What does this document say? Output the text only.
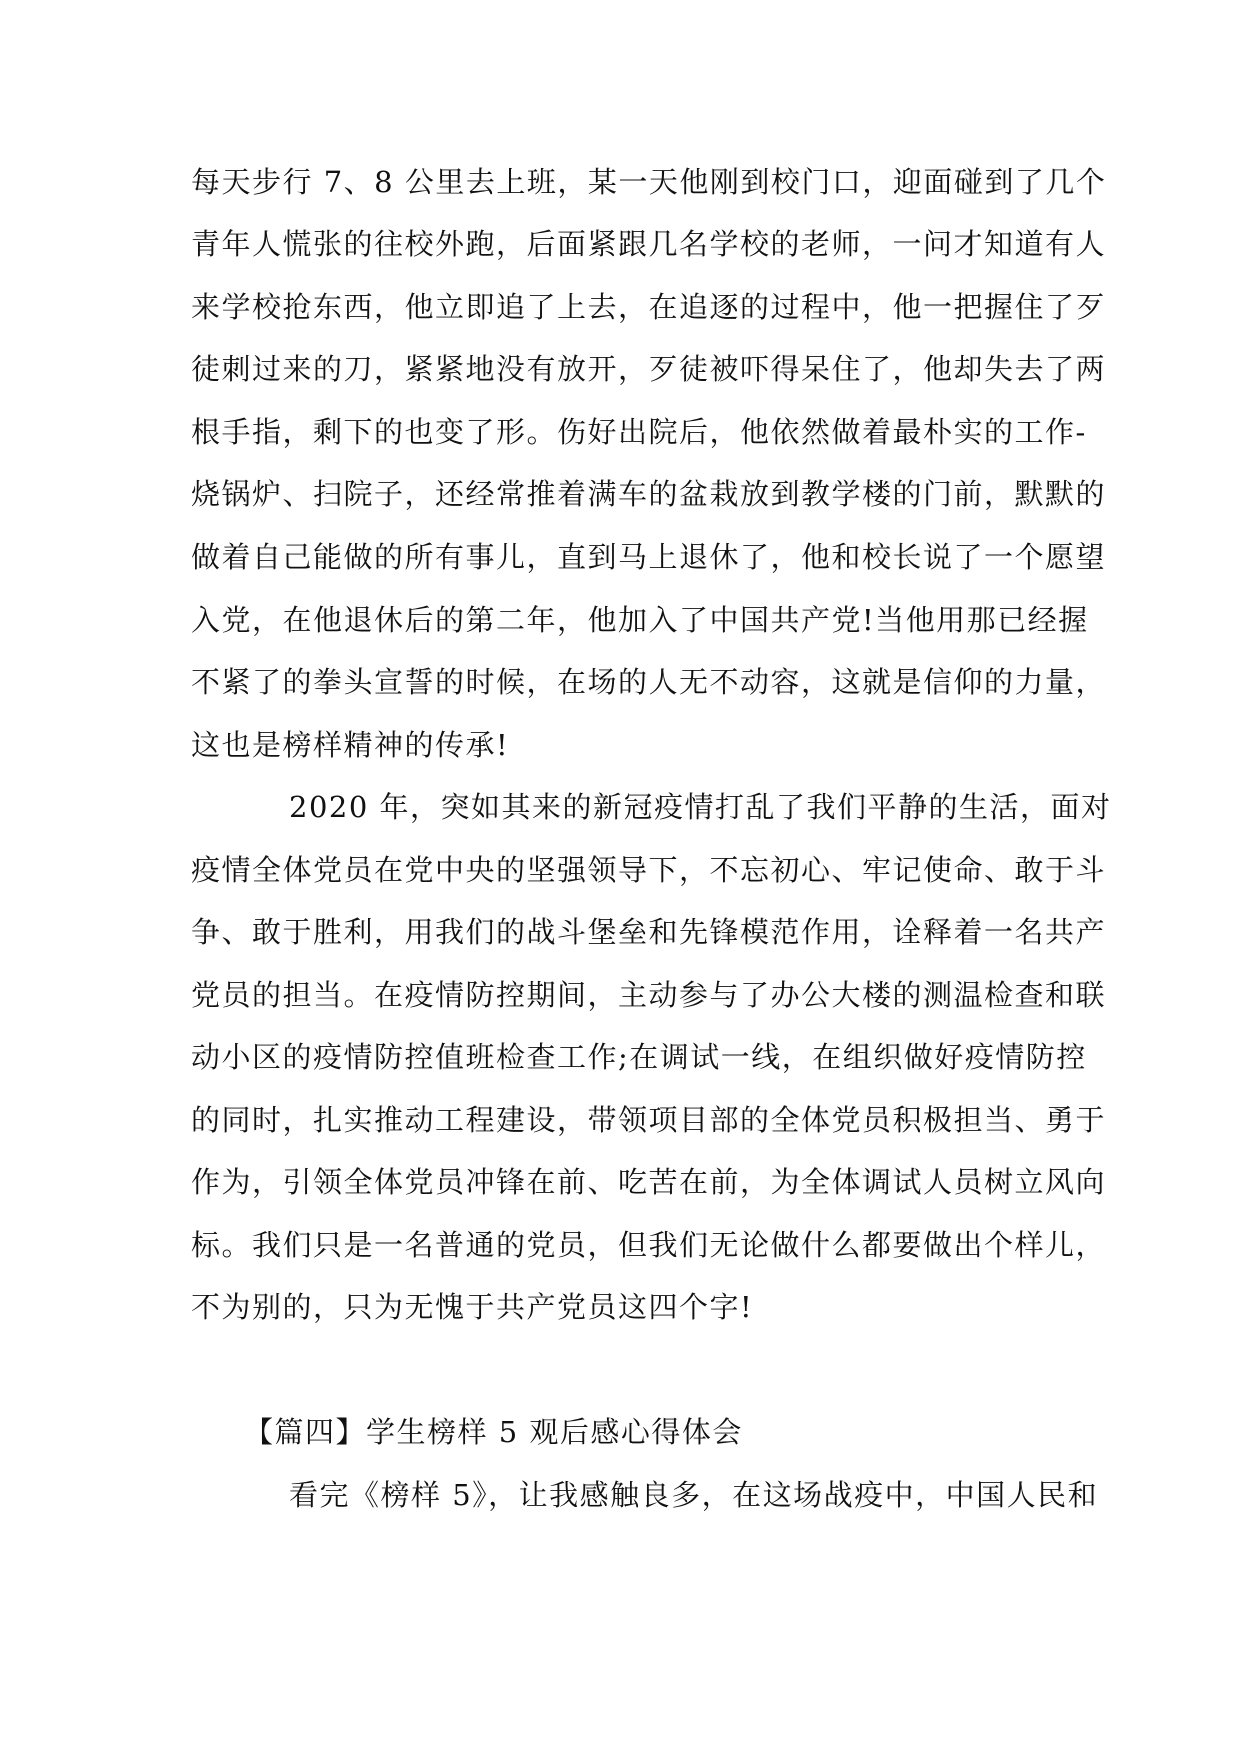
每天步行 7、8 公里去上班，某一天他刚到校门口，迎面碰到了几个
青年人慌张的往校外跑，后面紧跟几名学校的老师，一问才知道有人
来学校抢东西，他立即追了上去，在追逐的过程中，他一把握住了歹
徒刺过来的刀，紧紧地没有放开，歹徒被吓得呆住了，他却失去了两
根手指，剩下的也变了形。伤好出院后，他依然做着最朴实的工作-
烧锅炉、扫院子，还经常推着满车的盆栽放到教学楼的门前，默默的
做着自己能做的所有事儿，直到马上退休了，他和校长说了一个愿望
入党，在他退休后的第二年，他加入了中国共产党!当他用那已经握
不紧了的拳头宣誓的时候，在场的人无不动容，这就是信仰的力量，
这也是榜样精神的传承!
2020 年，突如其来的新冠疫情打乱了我们平静的生活，面对
疫情全体党员在党中央的坚强领导下，不忘初心、牢记使命、敢于斗
争、敢于胜利，用我们的战斗堡垒和先锋模范作用，诠释着一名共产
党员的担当。在疫情防控期间，主动参与了办公大楼的测温检查和联
动小区的疫情防控值班检查工作;在调试一线，在组织做好疫情防控
的同时，扎实推动工程建设，带领项目部的全体党员积极担当、勇于
作为，引领全体党员冲锋在前、吃苦在前，为全体调试人员树立风向
标。我们只是一名普通的党员，但我们无论做什么都要做出个样儿，
不为别的，只为无愧于共产党员这四个字!
【篇四】学生榜样 5 观后感心得体会
看完《榜样 5》，让我感触良多，在这场战疫中，中国人民和
